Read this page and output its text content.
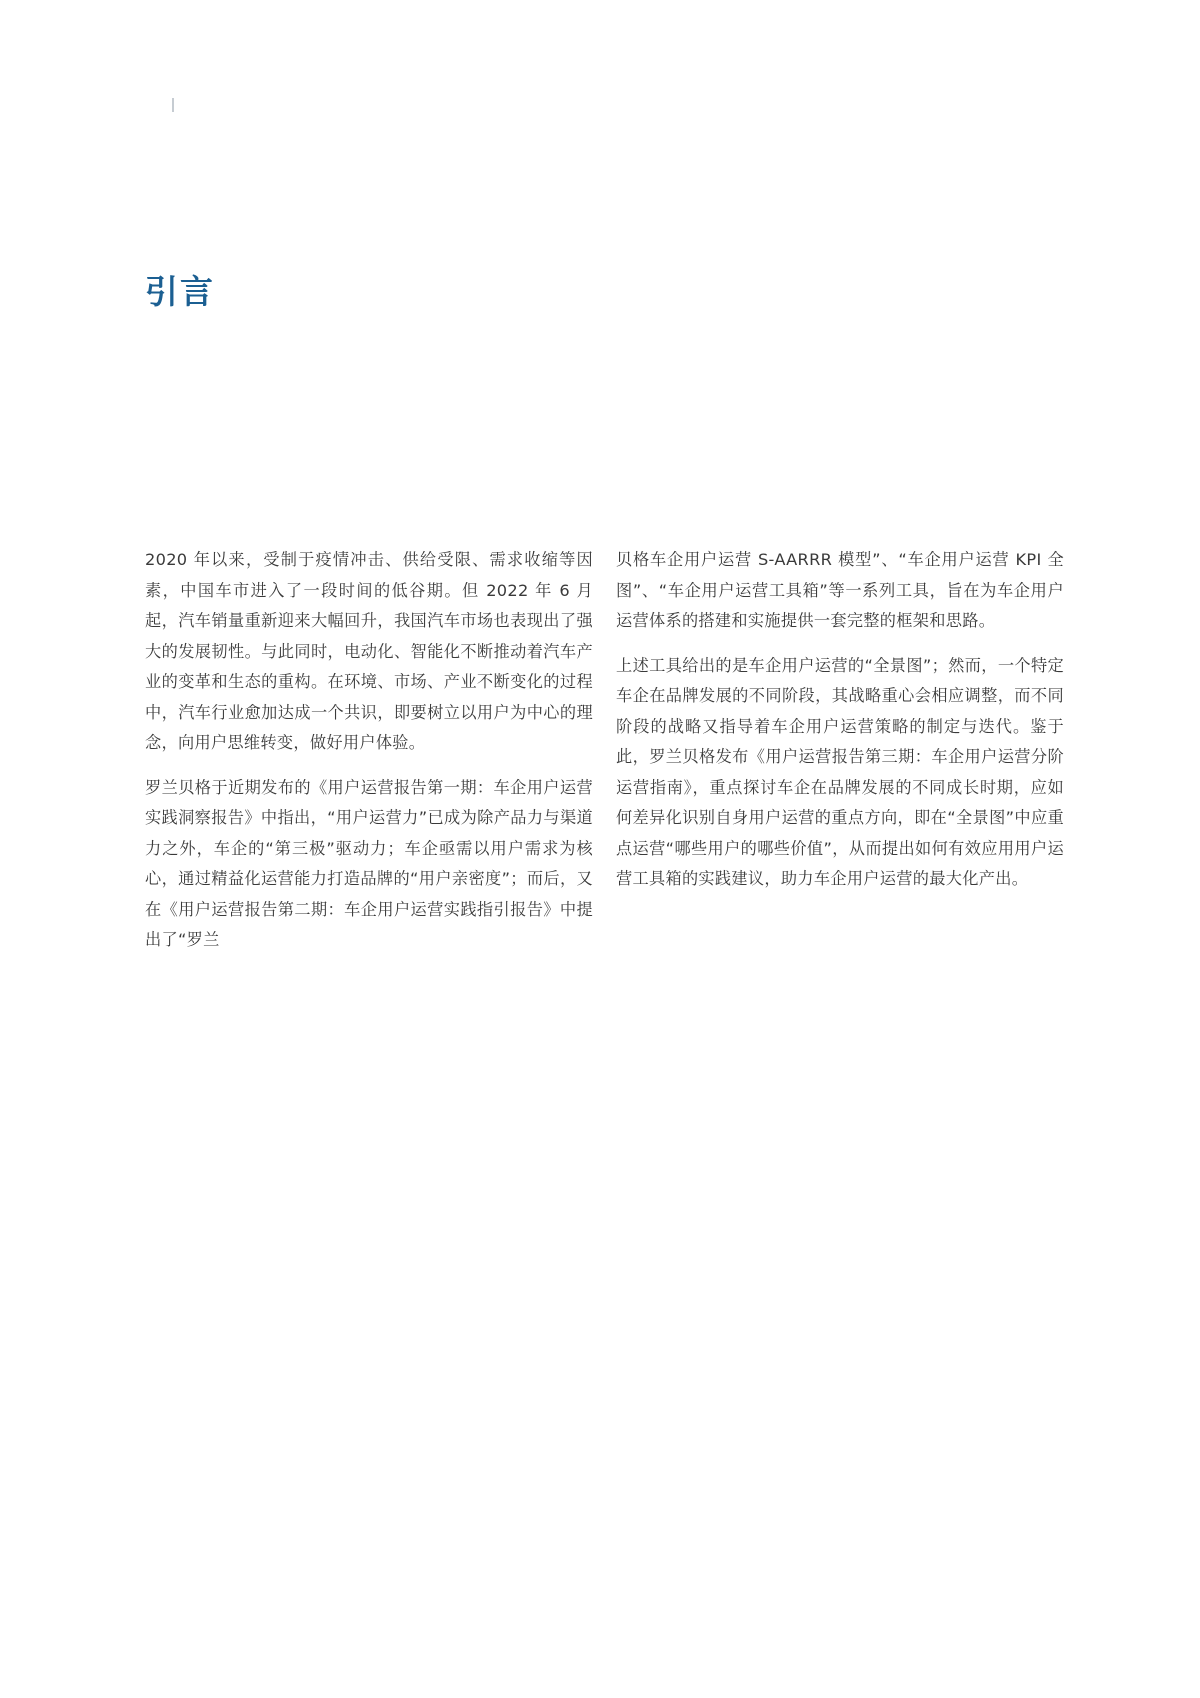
引言

2020 年以来，受制于疫情冲击、供给受限、需求收缩等因素，中国车市进入了一段时间的低谷期。但 2022 年 6 月起，汽车销量重新迎来大幅回升，我国汽车市场也表现出了强大的发展韧性。与此同时，电动化、智能化不断推动着汽车产业的变革和生态的重构。在环境、市场、产业不断变化的过程中，汽车行业愈加达成一个共识，即要树立以用户为中心的理念，向用户思维转变，做好用户体验。

罗兰贝格于近期发布的《用户运营报告第一期：车企用户运营实践洞察报告》中指出，“用户运营力”已成为除产品力与渠道力之外，车企的“第三极”驱动力；车企亟需以用户需求为核心，通过精益化运营能力打造品牌的“用户亲密度”；而后，又在《用户运营报告第二期：车企用户运营实践指引报告》中提出了“罗兰

贝格车企用户运营 S-AARRR 模型”、“车企用户运营 KPI 全图”、“车企用户运营工具箱”等一系列工具，旨在为车企用户运营体系的搭建和实施提供一套完整的框架和思路。

上述工具给出的是车企用户运营的“全景图”；然而，一个特定车企在品牌发展的不同阶段，其战略重心会相应调整，而不同阶段的战略又指导着车企用户运营策略的制定与迭代。鉴于此，罗兰贝格发布《用户运营报告第三期：车企用户运营分阶运营指南》，重点探讨车企在品牌发展的不同成长时期，应如何差异化识别自身用户运营的重点方向，即在“全景图”中应重点运营“哪些用户的哪些价值”，从而提出如何有效应用用户运营工具箱的实践建议，助力车企用户运营的最大化产出。
